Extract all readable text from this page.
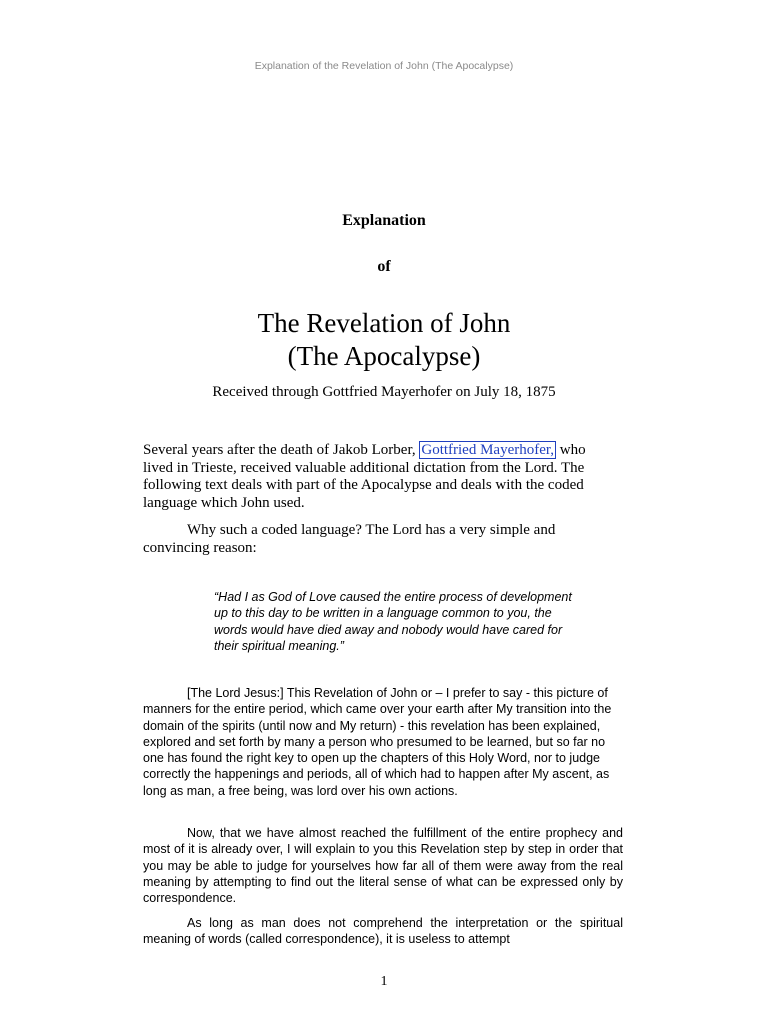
Explanation of the Revelation of John (The Apocalypse)
Explanation
of
The Revelation of John
(The Apocalypse)
Received through Gottfried Mayerhofer on July 18, 1875
Several years after the death of Jakob Lorber, Gottfried Mayerhofer, who lived in Trieste, received valuable additional dictation from the Lord. The following text deals with part of the Apocalypse and deals with the coded language which John used.
Why such a coded language? The Lord has a very simple and convincing reason:
“Had I as God of Love caused the entire process of development up to this day to be written in a language common to you, the words would have died away and nobody would have cared for their spiritual meaning.”
[The Lord Jesus:] This Revelation of John or – I prefer to say - this picture of manners for the entire period, which came over your earth after My transition into the domain of the spirits (until now and My return) - this revelation has been explained, explored and set forth by many a person who presumed to be learned, but so far no one has found the right key to open up the chapters of this Holy Word, nor to judge correctly the happenings and periods, all of which had to happen after My ascent, as long as man, a free being, was lord over his own actions.
Now, that we have almost reached the fulfillment of the entire prophecy and most of it is already over, I will explain to you this Revelation step by step in order that you may be able to judge for yourselves how far all of them were away from the real meaning by attempting to find out the literal sense of what can be expressed only by correspondence.
As long as man does not comprehend the interpretation or the spiritual meaning of words (called correspondence), it is useless to attempt
1
